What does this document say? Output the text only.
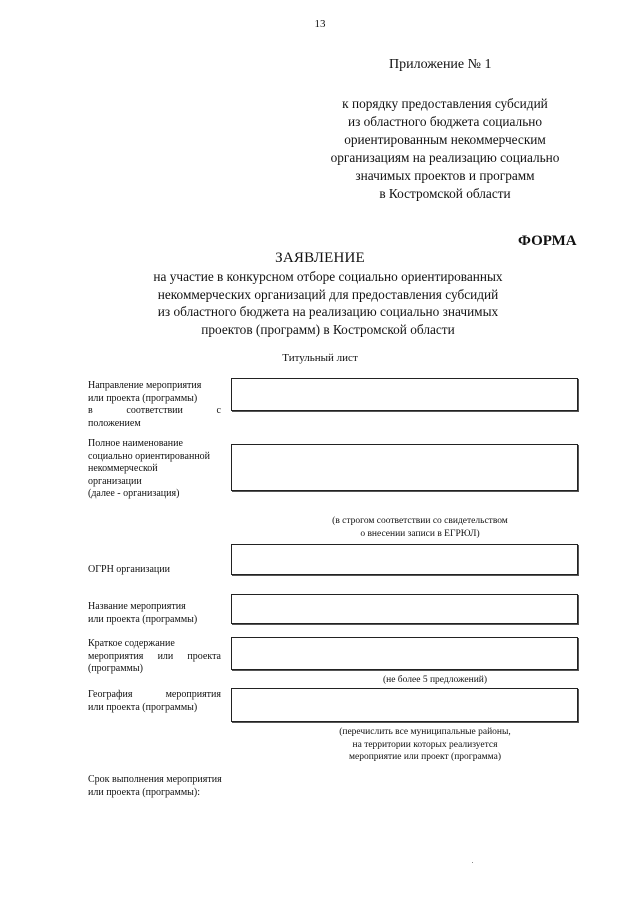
13
Приложение № 1
к порядку предоставления субсидий
из областного бюджета социально
ориентированным некоммерческим
организациям на реализацию социально
значимых проектов и программ
в Костромской области
ФОРМА
ЗАЯВЛЕНИЕ
на участие в конкурсном отборе социально ориентированных
некоммерческих организаций для предоставления субсидий
из областного бюджета на реализацию социально значимых
проектов (программ) в Костромской области
Титульный лист
Направление мероприятия
или проекта (программы)
в соответствии с
положением
Полное наименование
социально ориентированной
некоммерческой
организации
(далее - организация)
(в строгом соответствии со свидетельством
о внесении записи в ЕГРЮЛ)
ОГРН организации
Название мероприятия
или проекта (программы)
Краткое содержание
мероприятия или проекта
(программы)
(не более 5 предложений)
География мероприятия
или проекта (программы)
(перечислить все муниципальные районы,
на территории которых реализуется
мероприятие или проект (программа)
Срок выполнения мероприятия
или проекта (программы):
